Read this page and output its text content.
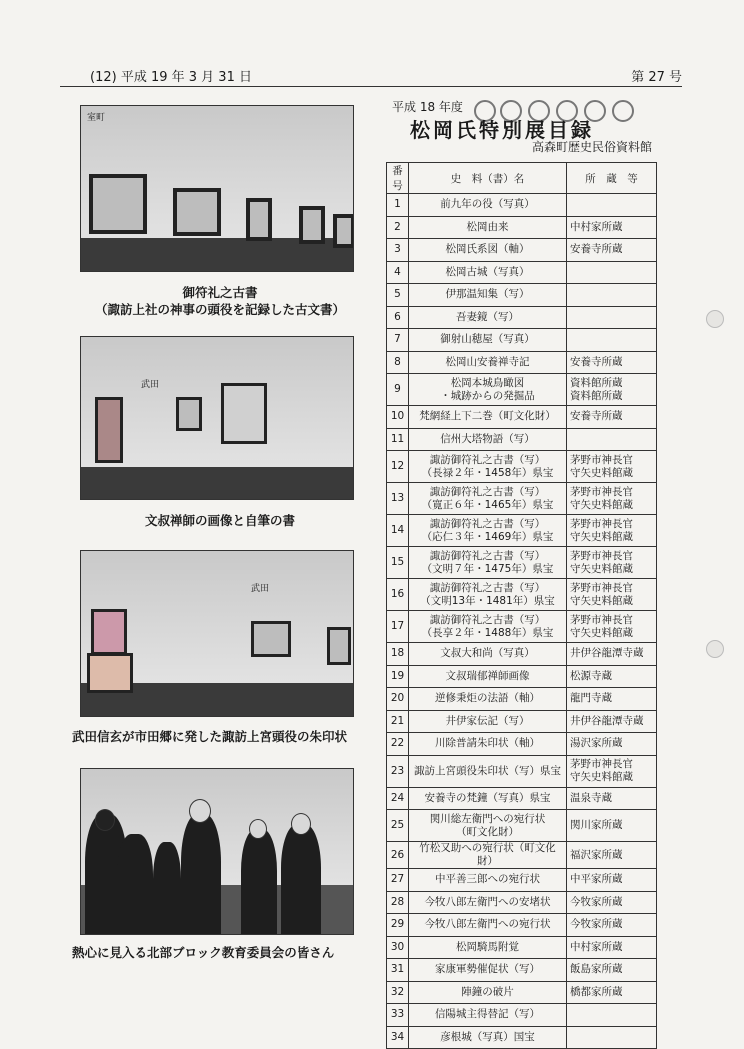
(12) 平成 19 年 3 月 31 日	第 27 号
室町
御符礼之古書
（諏訪上社の神事の頭役を記録した古文書）
武田
文叔禅師の画像と自筆の書
武田
武田信玄が市田郷に発した諏訪上宮頭役の朱印状
熱心に見入る北部ブロック教育委員会の皆さん
平成 18 年度
松岡氏特別展目録
高森町歴史民俗資料館
番号	史　料（書）名	所　蔵　等
1	前九年の役（写真）	
2	松岡由来	中村家所蔵
3	松岡氏系図（軸）	安養寺所蔵
4	松岡古城（写真）	
5	伊那温知集（写）	
6	吾妻鏡（写）	
7	御射山穂屋（写真）	
8	松岡山安養禅寺記	安養寺所蔵
9	松岡本城鳥瞰図
・城跡からの発掘品	資料館所蔵
資料館所蔵
10	梵網経上下二巻（町文化財）	安養寺所蔵
11	信州大塔物語（写）	
12	諏訪御符礼之古書（写）
（長禄２年・1458年）県宝	茅野市神長官
守矢史料館蔵
13	諏訪御符礼之古書（写）
（寛正６年・1465年）県宝	茅野市神長官
守矢史料館蔵
14	諏訪御符礼之古書（写）
（応仁３年・1469年）県宝	茅野市神長官
守矢史料館蔵
15	諏訪御符礼之古書（写）
（文明７年・1475年）県宝	茅野市神長官
守矢史料館蔵
16	諏訪御符礼之古書（写）
（文明13年・1481年）県宝	茅野市神長官
守矢史料館蔵
17	諏訪御符礼之古書（写）
（長享２年・1488年）県宝	茅野市神長官
守矢史料館蔵
18	文叔大和尚（写真）	井伊谷龍潭寺蔵
19	文叔瑞郁禅師画像	松源寺蔵
20	逆修秉炬の法語（軸）	龍門寺蔵
21	井伊家伝記（写）	井伊谷龍潭寺蔵
22	川除普請朱印状（軸）	湯沢家所蔵
23	諏訪上宮頭役朱印状（写）県宝	茅野市神長官
守矢史料館蔵
24	安養寺の梵鐘（写真）県宝	温泉寺蔵
25	関川総左衛門への宛行状
（町文化財）	関川家所蔵
26	竹松又助への宛行状（町文化財）	福沢家所蔵
27	中平善三郎への宛行状	中平家所蔵
28	今牧八郎左衛門への安堵状	今牧家所蔵
29	今牧八郎左衛門への宛行状	今牧家所蔵
30	松岡騎馬附覚	中村家所蔵
31	家康軍勢催促状（写）	飯島家所蔵
32	陣鐘の破片	橋都家所蔵
33	信陽城主得替記（写）	
34	彦根城（写真）国宝	
